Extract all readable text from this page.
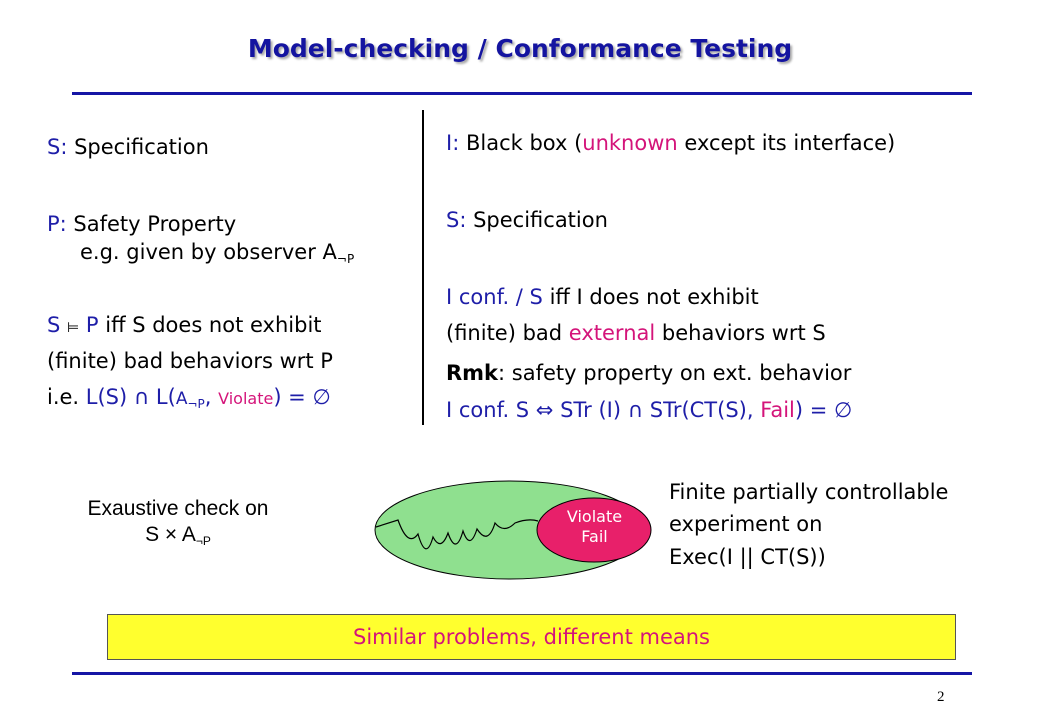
Model-checking / Conformance Testing
S: Specification
P: Safety Property
e.g. given by observer $A_{\neg P}$
S ⊨ P iff S does not exhibit
(finite) bad behaviors wrt P
i.e. L(S) ∩ $L(A_{\neg P}$, Violate) = ∅
I: Black box (unknown except its interface)
S: Specification
I conf. / S iff I does not exhibit
(finite) bad external behaviors wrt S
Rmk: safety property on ext. behavior
I conf. S ⇔ STr (I) ∩ STr(CT(S), Fail) = ∅
Exaustive check on
$S \times A_{\neg P}$
Violate
Fail
Finite partially controllable
experiment on
Exec(I || CT(S))
Similar problems, different means
2
